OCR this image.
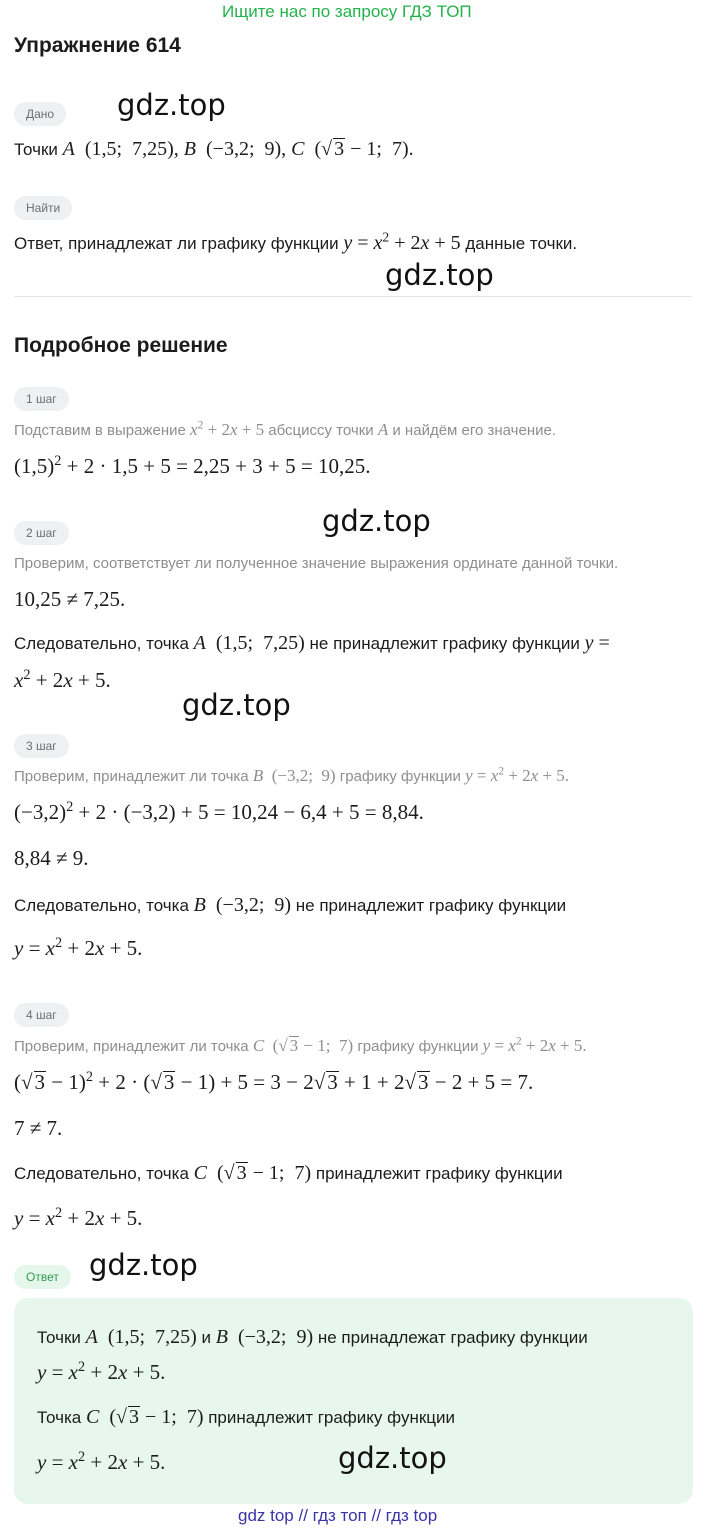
Ищите нас по запросу ГДЗ ТОП
Упражнение 614
Дано	gdz.top
Точки A  (1,5;  7,25), B  (−3,2;  9), C  (√ 3 − 1;  7).
Найти
Ответ, принадлежат ли графику функции $y = x^2 + 2x + 5$ данные точки.
gdz.top
Подробное решение
1 шаг
Подставим в выражение $x^2 + 2x + 5$ абсциссу точки A и найдём его значение.
$(1,5)^2 + 2 \cdot 1,5 + 5 = 2,25 + 3 + 5 = 10,25$.
gdz.top
2 шаг
Проверим, соответствует ли полученное значение выражения ординате данной точки.
10,25 ≠ 7,25.
Следовательно, точка A  (1,5;  7,25) не принадлежит графику функции y =
$x^2 + 2x + 5$.
gdz.top
3 шаг
Проверим, принадлежит ли точка B  (−3,2;  9) графику функции $y = x^2 + 2x + 5$.
$(-3,2)^2 + 2 \cdot (-3,2) + 5 = 10,24 - 6,4 + 5 = 8,84$.
8,84 ≠ 9.
Следовательно, точка B  (−3,2;  9) не принадлежит графику функции
$y = x^2 + 2x + 5$.
4 шаг
Проверим, принадлежит ли точка C  (√ 3 − 1;  7) графику функции $y = x^2 + 2x + 5$.
$(√3 - 1)^2 + 2 \cdot (√3 - 1) + 5 = 3 - 2√3 + 1 + 2√3 - 2 + 5 = 7$.
7 ≠ 7.
Следовательно, точка C  (√ 3 − 1;  7) принадлежит графику функции
$y = x^2 + 2x + 5$.
Ответ	gdz.top
Точки A  (1,5;  7,25) и B  (−3,2;  9) не принадлежат графику функции
$y = x^2 + 2x + 5$.
Точка C  (√ 3 − 1;  7) принадлежит графику функции
$y = x^2 + 2x + 5$.	gdz.top
gdz top // гдз топ // гдз top
